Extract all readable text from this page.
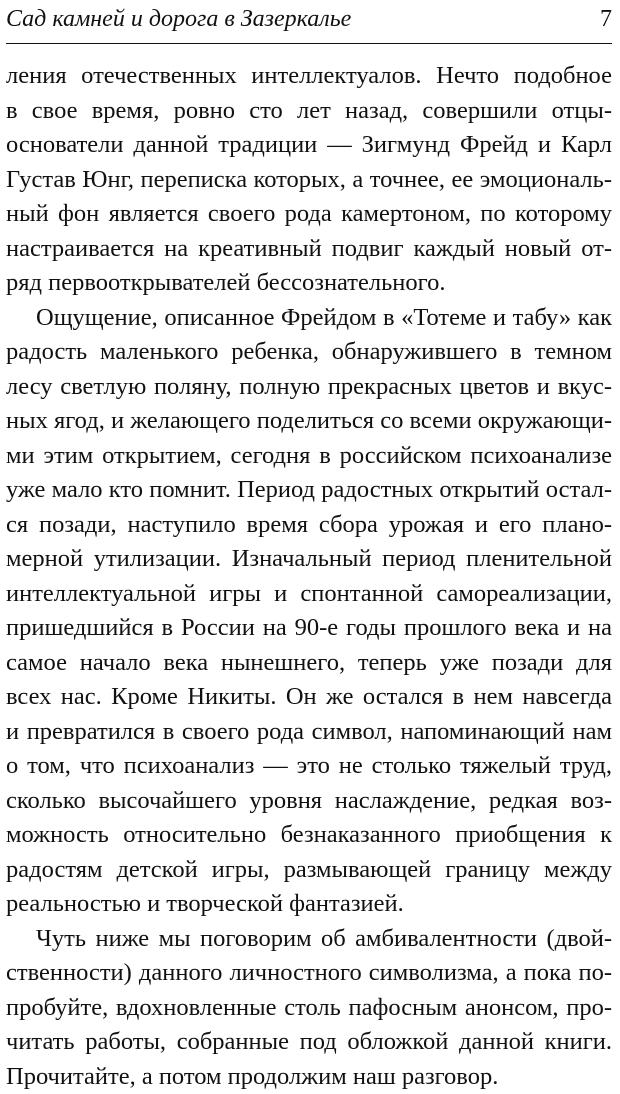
Сад камней и дорога в Зазеркалье	7
ления отечественных интеллектуалов. Нечто подобное
в свое время, ровно сто лет назад, совершили отцы-
основатели данной традиции — Зигмунд Фрейд и Карл
Густав Юнг, переписка которых, а точнее, ее эмоциональ-
ный фон является своего рода камертоном, по которому
настраивается на креативный подвиг каждый новый от-
ряд первооткрывателей бессознательного.
Ощущение, описанное Фрейдом в «Тотеме и табу» как
радость маленького ребенка, обнаружившего в темном
лесу светлую поляну, полную прекрасных цветов и вкус-
ных ягод, и желающего поделиться со всеми окружающи-
ми этим открытием, сегодня в российском психоанализе
уже мало кто помнит. Период радостных открытий остал-
ся позади, наступило время сбора урожая и его плано-
мерной утилизации. Изначальный период пленительной
интеллектуальной игры и спонтанной самореализации,
пришедшийся в России на 90-е годы прошлого века и на
самое начало века нынешнего, теперь уже позади для
всех нас. Кроме Никиты. Он же остался в нем навсегда
и превратился в своего рода символ, напоминающий нам
о том, что психоанализ — это не столько тяжелый труд,
сколько высочайшего уровня наслаждение, редкая воз-
можность относительно безнаказанного приобщения к
радостям детской игры, размывающей границу между
реальностью и творческой фантазией.
Чуть ниже мы поговорим об амбивалентности (двой-
ственности) данного личностного символизма, а пока по-
пробуйте, вдохновленные столь пафосным анонсом, про-
читать работы, собранные под обложкой данной книги.
Прочитайте, а потом продолжим наш разговор.
